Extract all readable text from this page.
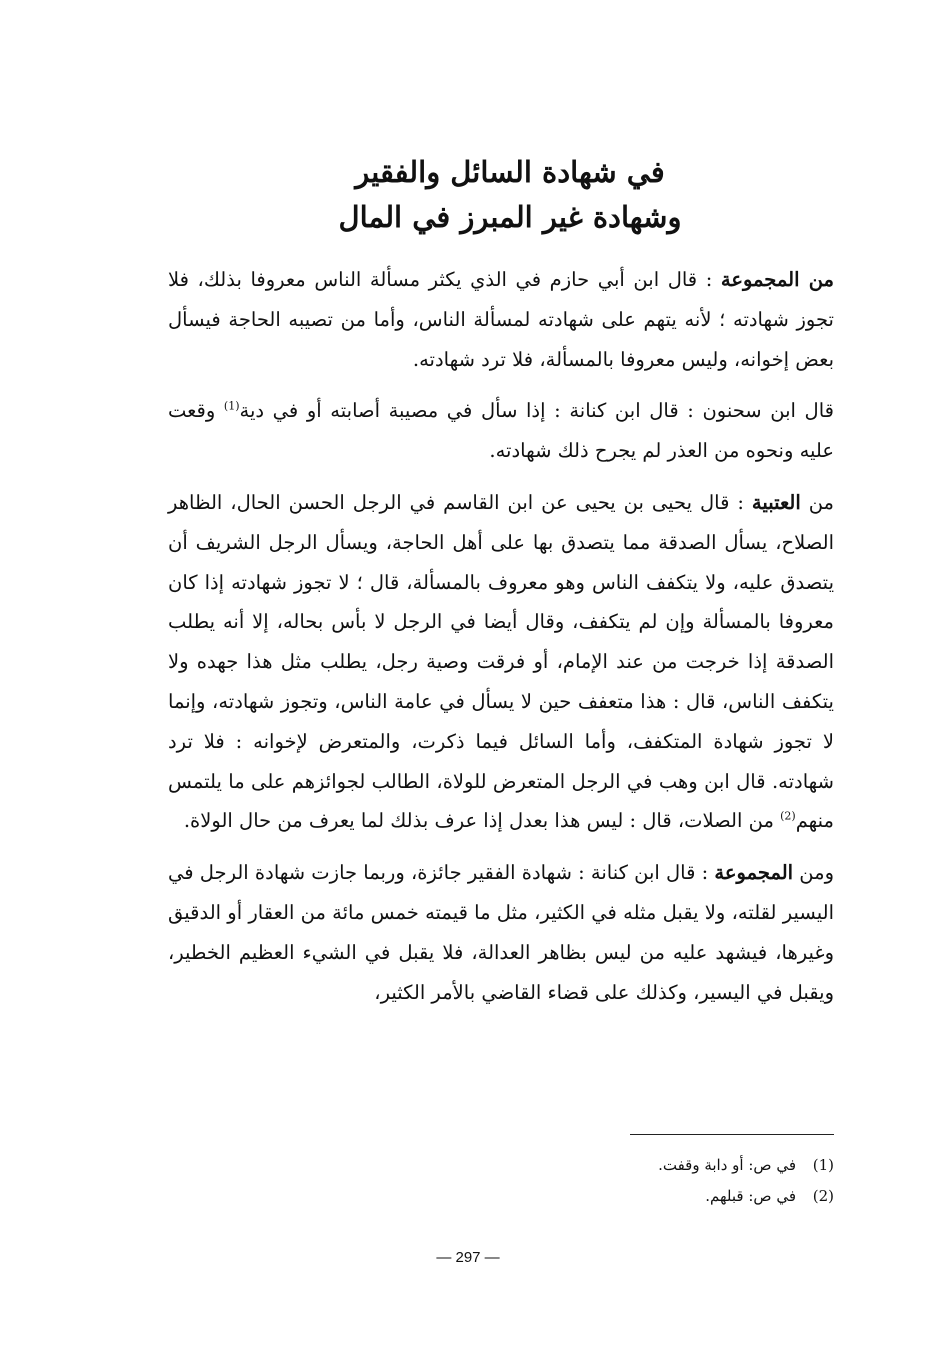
في شهادة السائل والفقير
وشهادة غير المبرز في المال

من المجموعة : قال ابن أبي حازم في الذي يكثر مسألة الناس معروفا بذلك، فلا تجوز شهادته ؛ لأنه يتهم على شهادته لمسألة الناس، وأما من تصيبه الحاجة فيسأل بعض إخوانه، وليس معروفا بالمسألة، فلا ترد شهادته.

قال ابن سحنون : قال ابن كنانة : إذا سأل في مصيبة أصابته أو في دية$^{(1)}$ وقعت عليه ونحوه من العذر لم يجرح ذلك شهادته.

من العتبية : قال يحيى بن يحيى عن ابن القاسم في الرجل الحسن الحال، الظاهر الصلاح، يسأل الصدقة مما يتصدق بها على أهل الحاجة، ويسأل الرجل الشريف أن يتصدق عليه، ولا يتكفف الناس وهو معروف بالمسألة، قال ؛ لا تجوز شهادته إذا كان معروفا بالمسألة وإن لم يتكفف، وقال أيضا في الرجل لا بأس بحاله، إلا أنه يطلب الصدقة إذا خرجت من عند الإمام، أو فرقت وصية رجل، يطلب مثل هذا جهده ولا يتكفف الناس، قال : هذا متعفف حين لا يسأل في عامة الناس، وتجوز شهادته، وإنما لا تجوز شهادة المتكفف، وأما السائل فيما ذكرت، والمتعرض لإخوانه : فلا ترد شهادته. قال ابن وهب في الرجل المتعرض للولاة، الطالب لجوائزهم على ما يلتمس منهم$^{(2)}$ من الصلات، قال : ليس هذا بعدل إذا عرف بذلك لما يعرف من حال الولاة.

ومن المجموعة : قال ابن كنانة : شهادة الفقير جائزة، وربما جازت شهادة الرجل في اليسير لقلته، ولا يقبل مثله في الكثير، مثل ما قيمته خمس مائة من العقار أو الدقيق وغيرها، فيشهد عليه من ليس بظاهر العدالة، فلا يقبل في الشيء العظيم الخطير، ويقبل في اليسير، وكذلك على قضاء القاضي بالأمر الكثير،

(1)في ص: أو دابة وقفت.
(2)في ص: قبلهم.
— 297 —
